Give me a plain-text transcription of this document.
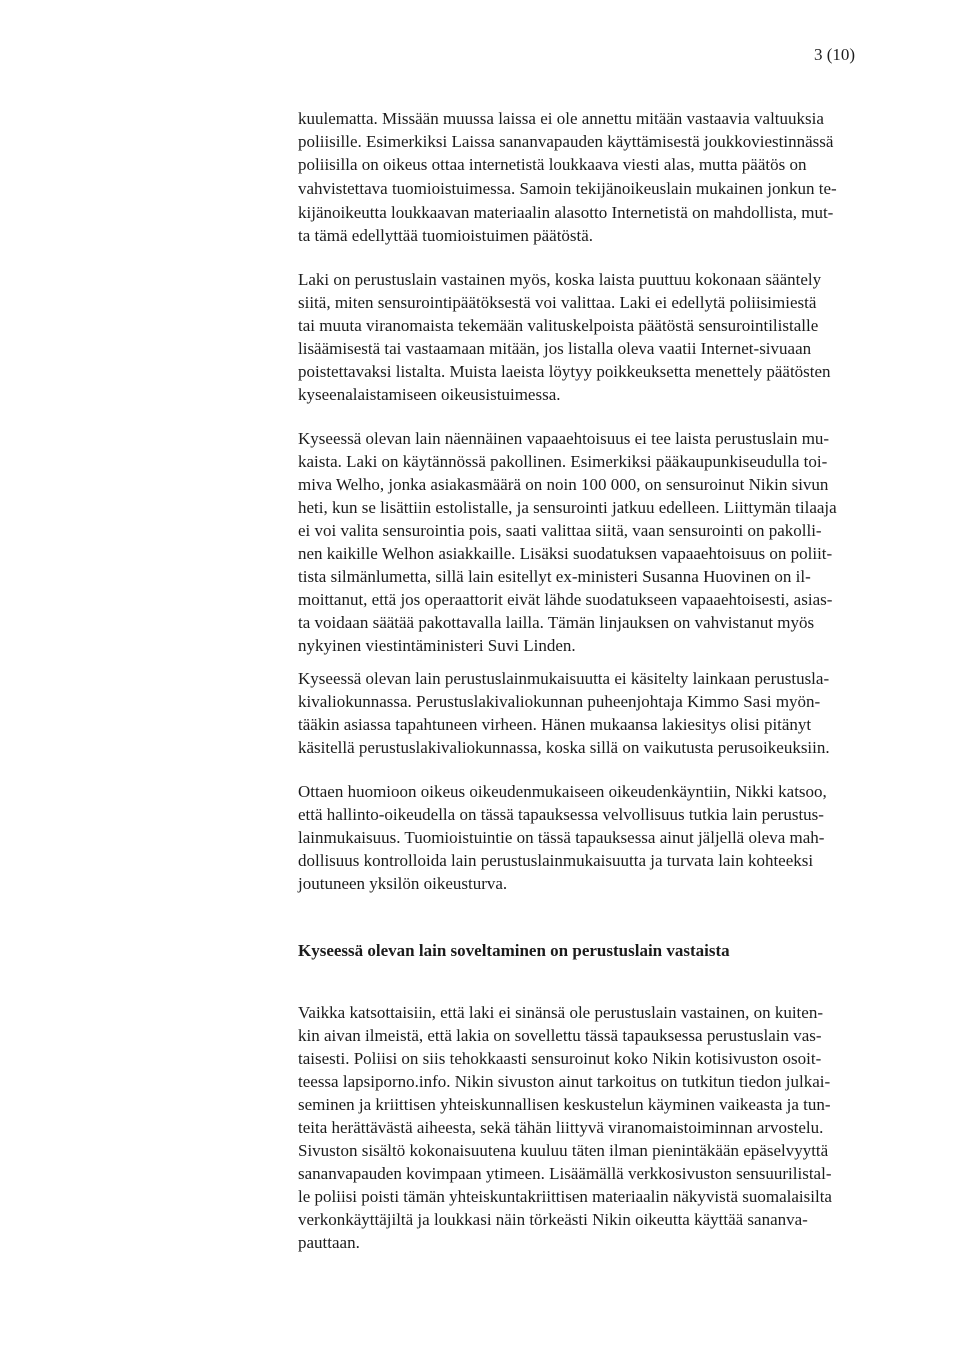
3 (10)
kuulematta. Missään muussa laissa ei ole annettu mitään vastaavia valtuuksia
poliisille. Esimerkiksi Laissa sananvapauden käyttämisestä joukkoviestinnässä
poliisilla on oikeus ottaa internetistä loukkaava viesti alas, mutta päätös on
vahvistettava tuomioistuimessa. Samoin tekijänoikeuslain mukainen jonkun te-
kijänoikeutta loukkaavan materiaalin alasotto Internetistä on mahdollista, mut-
ta tämä edellyttää tuomioistuimen päätöstä.
Laki on perustuslain vastainen myös, koska laista puuttuu kokonaan sääntely
siitä, miten sensurointipäätöksestä voi valittaa. Laki ei edellytä poliisimiestä
tai muuta viranomaista tekemään valituskelpoista päätöstä sensurointilistalle
lisäämisestä tai vastaamaan mitään, jos listalla oleva vaatii Internet-sivuaan
poistettavaksi listalta. Muista laeista löytyy poikkeuksetta menettely päätösten
kyseenalaistamiseen oikeusistuimessa.
Kyseessä olevan lain näennäinen vapaaehtoisuus ei tee laista perustuslain mu-
kaista. Laki on käytännössä pakollinen. Esimerkiksi pääkaupunkiseudulla toi-
miva Welho, jonka asiakasmäärä on noin 100 000, on sensuroinut Nikin sivun
heti, kun se lisättiin estolistalle, ja sensurointi jatkuu edelleen. Liittymän tilaaja
ei voi valita sensurointia pois, saati valittaa siitä, vaan sensurointi on pakolli-
nen kaikille Welhon asiakkaille. Lisäksi suodatuksen vapaaehtoisuus on poliit-
tista silmänlumetta, sillä lain esitellyt ex-ministeri Susanna Huovinen on il-
moittanut, että jos operaattorit eivät lähde suodatukseen vapaaehtoisesti, asias-
ta voidaan säätää pakottavalla lailla. Tämän linjauksen on vahvistanut myös
nykyinen viestintäministeri Suvi Linden.
Kyseessä olevan lain perustuslainmukaisuutta ei käsitelty lainkaan perustusla-
kivaliokunnassa. Perustuslakivaliokunnan puheenjohtaja Kimmo Sasi myön-
tääkin asiassa tapahtuneen virheen. Hänen mukaansa lakiesitys olisi pitänyt
käsitellä perustuslakivaliokunnassa, koska sillä on vaikutusta perusoikeuksiin.
Ottaen huomioon oikeus oikeudenmukaiseen oikeudenkäyntiin, Nikki katsoo,
että hallinto-oikeudella on tässä tapauksessa velvollisuus tutkia lain perustus-
lainmukaisuus. Tuomioistuintie on tässä tapauksessa ainut jäljellä oleva mah-
dollisuus kontrolloida lain perustuslainmukaisuutta ja turvata lain kohteeksi
joutuneen yksilön oikeusturva.
Kyseessä olevan lain soveltaminen on perustuslain vastaista
Vaikka katsottaisiin, että laki ei sinänsä ole perustuslain vastainen, on kuiten-
kin aivan ilmeistä, että lakia on sovellettu tässä tapauksessa perustuslain vas-
taisesti. Poliisi on siis tehokkaasti sensuroinut koko Nikin kotisivuston osoit-
teessa lapsiporno.info. Nikin sivuston ainut tarkoitus on tutkitun tiedon julkai-
seminen ja kriittisen yhteiskunnallisen keskustelun käyminen vaikeasta ja tun-
teita herättävästä aiheesta, sekä tähän liittyvä viranomaistoiminnan arvostelu.
Sivuston sisältö kokonaisuutena kuuluu täten ilman pienintäkään epäselvyyttä
sananvapauden kovimpaan ytimeen. Lisäämällä verkkosivuston sensuurilistal-
le poliisi poisti tämän yhteiskuntakriittisen materiaalin näkyvistä suomalaisilta
verkonkäyttäjiltä ja loukkasi näin törkeästi Nikin oikeutta käyttää sananva-
pauttaan.
